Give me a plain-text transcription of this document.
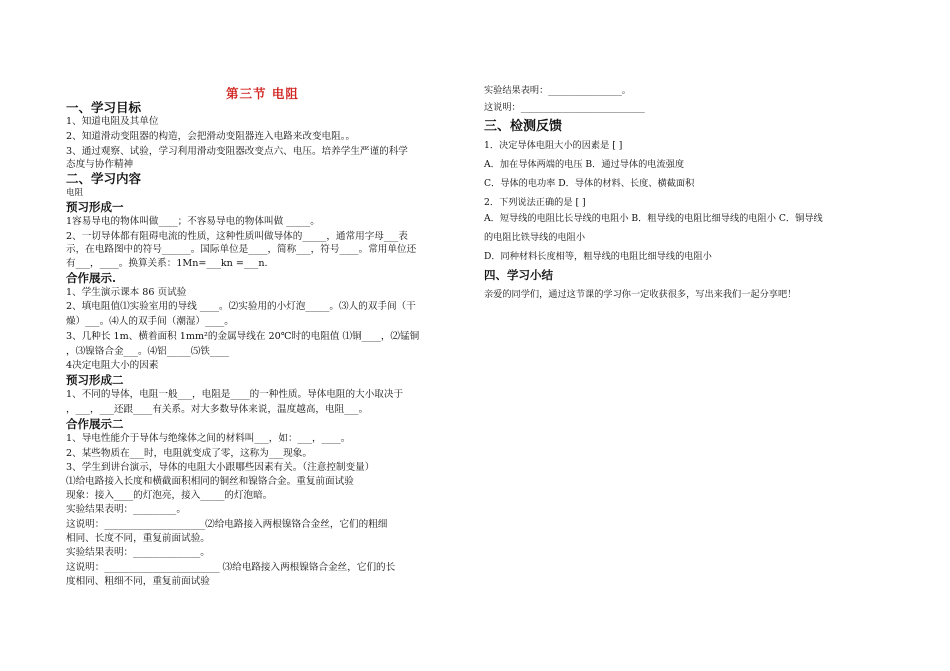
第三节 电阻
一、学习目标
1、知道电阻及其单位
2、知道滑动变阻器的构造，会把滑动变阻器连入电路来改变电阻。。
3、通过观察、试验，学习利用滑动变阻器改变点六、电压。培养学生严谨的科学
态度与协作精神
二、学习内容
电阻
预习形成一
1容易导电的物体叫做____；不容易导电的物体叫做 _____。
2、一切导体都有阻碍电流的性质，这种性质叫做导体的_____，通常用字母___表
示，在电路图中的符号______。国际单位是____，简称___，符号____。常用单位还
有___，____。换算关系：1Mn=___kn =___n.
合作展示.
1、学生演示课本 86 页试验
2、填电阻值⑴实验室用的导线 ____。⑵实验用的小灯泡_____。⑶人的双手间（干
燥）___。⑷人的双手间（潮湿）____。
3、几种长 1m、横着面积 1mm²的金属导线在 20℃时的电阻值 ⑴铜____，⑵锰铜
，⑶镍铬合金___。⑷铝_____⑸铁____
4决定电阻大小的因素
预习形成二
1、不同的导体，电阻一般___，电阻是____的一种性质。导体电阻的大小取决于
，___，___还跟____有关系。对大多数导体来说，温度越高，电阻___。
合作展示二
1、导电性能介于导体与绝缘体之间的材料叫___，如：___，____。
2、某些物质在___时，电阻就变成了零，这称为___现象。
3、学生到讲台演示，导体的电阻大小跟哪些因素有关。（注意控制变量）
⑴给电路接入长度和横截面积相同的铜丝和镍铬合金。重复前面试验
现象：接入____的灯泡亮，接入_____的灯泡暗。
实验结果表明：_________。
这说明：_____________________⑵给电路接入两根镍铬合金丝，它们的粗细
相同、长度不同，重复前面试验。
实验结果表明：______________。
这说明：________________________ ⑶给电路接入两根镍铬合金丝，它们的长
度相同、粗细不同，重复前面试验
实验结果表明：________________。
这说明：___________________________
三、检测反馈
1．决定导体电阻大小的因素是 [ ]
A．加在导体两端的电压 B．通过导体的电流强度
C．导体的电功率 D．导体的材料、长度、横截面积
2．下列说法正确的是 [ ]
A．短导线的电阻比长导线的电阻小 B．粗导线的电阻比细导线的电阻小 C．铜导线
的电阻比铁导线的电阻小
D．同种材料长度相等，粗导线的电阻比细导线的电阻小
四、学习小结
亲爱的同学们，通过这节课的学习你一定收获很多，写出来我们一起分享吧！
